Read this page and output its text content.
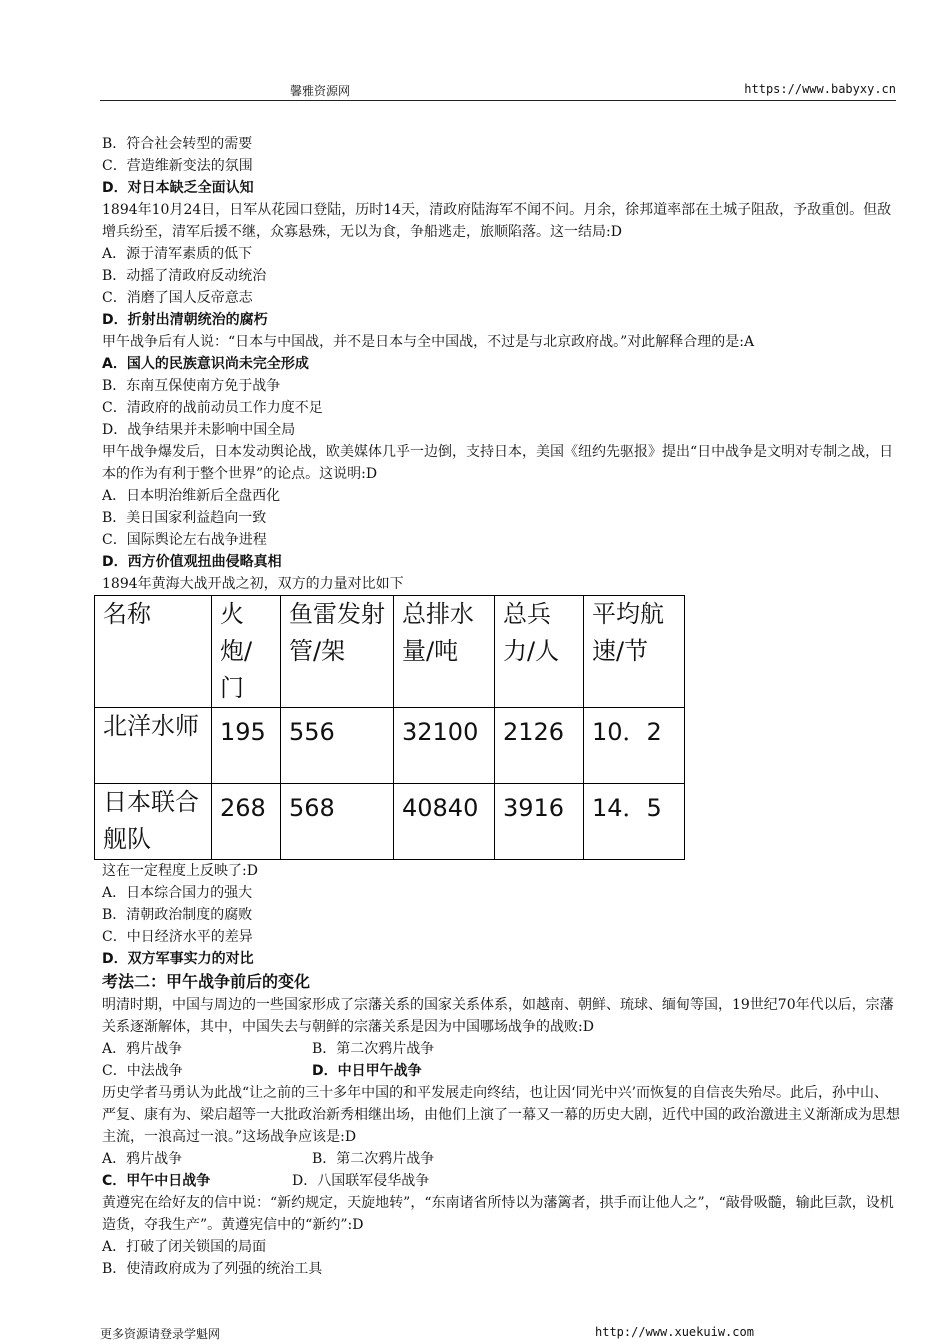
馨雅资源网	https://www.babyxy.cn
B．符合社会转型的需要
C．营造维新变法的氛围
D．对日本缺乏全面认知
1894年10月24日，日军从花园口登陆，历时14天，清政府陆海军不闻不问。月余，徐邦道率部在土城子阻敌，予敌重创。但敌增兵纷至，清军后援不继，众寡悬殊，无以为食，争船逃走，旅顺陷落。这一结局:D
A．源于清军素质的低下
B．动摇了清政府反动统治
C．消磨了国人反帝意志
D．折射出清朝统治的腐朽
甲午战争后有人说：“日本与中国战，并不是日本与全中国战，不过是与北京政府战。”对此解释合理的是:A
A．国人的民族意识尚未完全形成
B．东南互保使南方免于战争
C．清政府的战前动员工作力度不足
D．战争结果并未影响中国全局
甲午战争爆发后，日本发动舆论战，欧美媒体几乎一边倒，支持日本，美国《纽约先驱报》提出“日中战争是文明对专制之战，日本的作为有利于整个世界”的论点。这说明:D
A．日本明治维新后全盘西化
B．美日国家利益趋向一致
C．国际舆论左右战争进程
D．西方价值观扭曲侵略真相
1894年黄海大战开战之初，双方的力量对比如下
名称	火炮/门	鱼雷发射管/架	总排水量/吨	总兵力/人	平均航速/节
北洋水师	195	556	32100	2126	10．2
日本联合舰队	268	568	40840	3916	14．5
这在一定程度上反映了:D
A．日本综合国力的强大
B．清朝政治制度的腐败
C．中日经济水平的差异
D．双方军事实力的对比
考法二：甲午战争前后的变化
明清时期，中国与周边的一些国家形成了宗藩关系的国家关系体系，如越南、朝鲜、琉球、缅甸等国，19世纪70年代以后，宗藩关系逐渐解体，其中，中国失去与朝鲜的宗藩关系是因为中国哪场战争的战败:D
A．鸦片战争	B．第二次鸦片战争
C．中法战争	D．中日甲午战争
历史学者马勇认为此战“让之前的三十多年中国的和平发展走向终结，也让因‘同光中兴’而恢复的自信丧失殆尽。此后，孙中山、严复、康有为、梁启超等一大批政治新秀相继出场，由他们上演了一幕又一幕的历史大剧，近代中国的政治激进主义渐渐成为思想主流，一浪高过一浪。”这场战争应该是:D
A．鸦片战争	B．第二次鸦片战争
C．甲午中日战争	D．八国联军侵华战争
黄遵宪在给好友的信中说：“新约规定，天旋地转”，“东南诸省所恃以为藩篱者，拱手而让他人之”，“敲骨吸髓，输此巨款，设机造货，夺我生产”。黄遵宪信中的“新约”:D
A．打破了闭关锁国的局面
B．使清政府成为了列强的统治工具
更多资源请登录学魁网	http://www.xuekuiw.com
